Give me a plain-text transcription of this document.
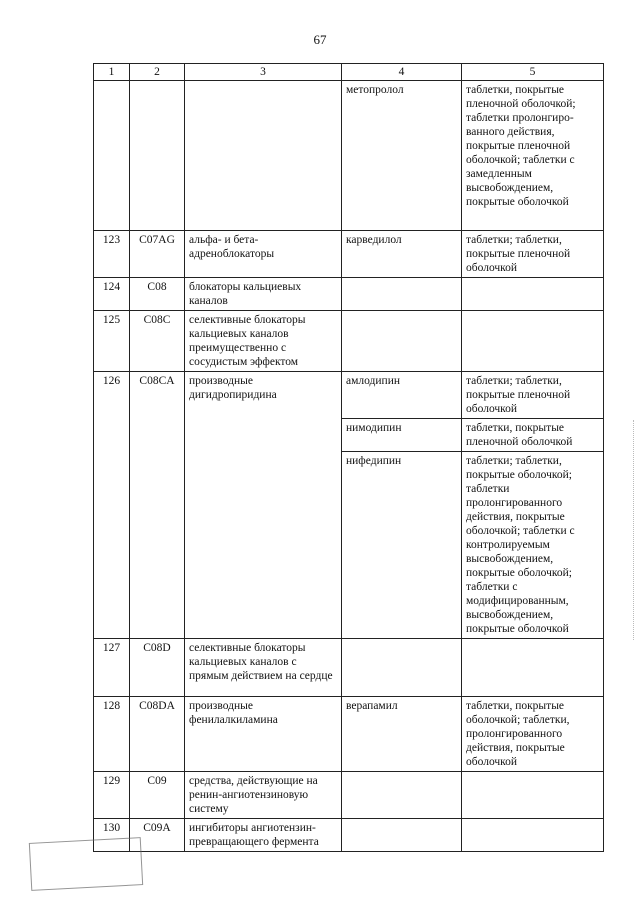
67
1	2	3	4	5
			метопролол	таблетки, покрытые пленочной оболочкой; таблетки пролонгиро-ванного действия, покрытые пленочной оболочкой; таблетки с замедленным высвобождением, покрытые оболочкой
123	C07AG	альфа- и бета-адреноблокаторы	карведилол	таблетки; таблетки, покрытые пленочной оболочкой
124	C08	блокаторы кальциевых каналов		
125	C08C	селективные блокаторы кальциевых каналов преимущественно с сосудистым эффектом		
126	C08CA	производные дигидропиридина	амлодипин	таблетки; таблетки, покрытые пленочной оболочкой
			нимодипин	таблетки, покрытые пленочной оболочкой
			нифедипин	таблетки; таблетки, покрытые оболочкой; таблетки пролонгированного действия, покрытые оболочкой; таблетки с контролируемым высвобождением, покрытые оболочкой; таблетки с модифицированным, высвобождением, покрытые оболочкой
127	C08D	селективные блокаторы кальциевых каналов с прямым действием на сердце		
128	C08DA	производные фенилалкиламина	верапамил	таблетки, покрытые оболочкой; таблетки, пролонгированного действия, покрытые оболочкой
129	C09	средства, действующие на ренин-ангиотензиновую систему		
130	C09A	ингибиторы ангиотензин-превращающего фермента		
